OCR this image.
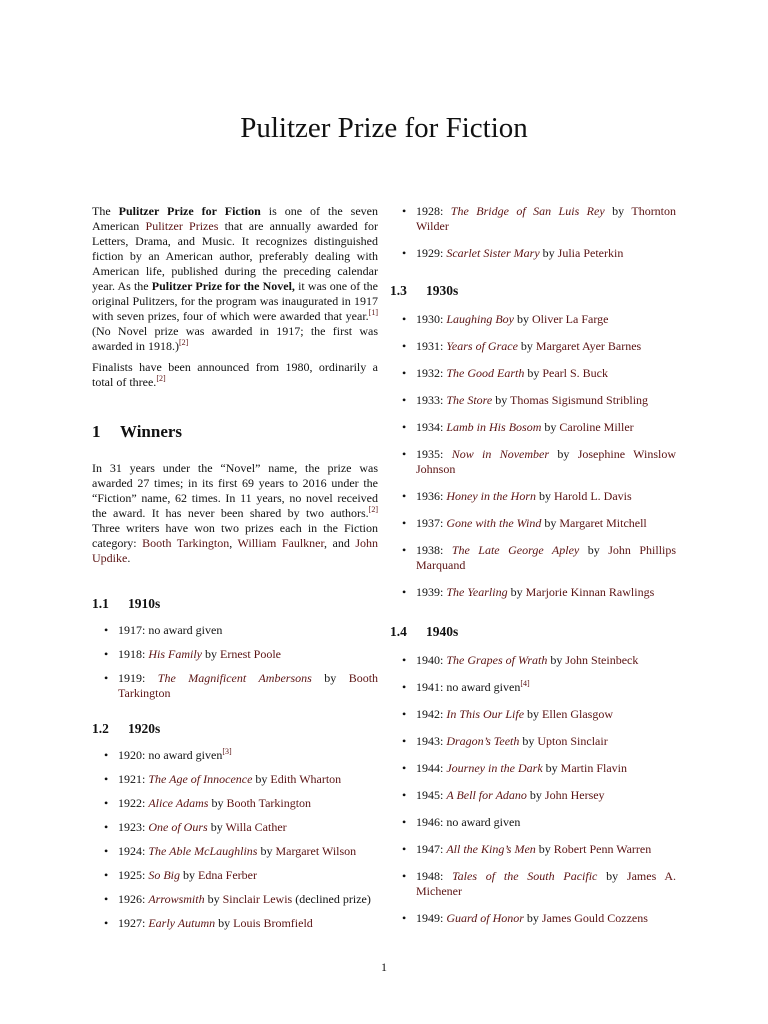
Pulitzer Prize for Fiction

The Pulitzer Prize for Fiction is one of the seven American Pulitzer Prizes that are annually awarded for Letters, Drama, and Music. It recognizes distinguished fiction by an American author, preferably dealing with American life, published during the preceding calendar year. As the Pulitzer Prize for the Novel, it was one of the original Pulitzers, for the program was inaugurated in 1917 with seven prizes, four of which were awarded that year.[1] (No Novel prize was awarded in 1917; the first was awarded in 1918.)[2]

Finalists have been announced from 1980, ordinarily a total of three.[2]

1 Winners

In 31 years under the “Novel” name, the prize was awarded 27 times; in its first 69 years to 2016 under the “Fiction” name, 62 times. In 11 years, no novel received the award. It has never been shared by two authors.[2] Three writers have won two prizes each in the Fiction category: Booth Tarkington, William Faulkner, and John Updike.

1.1 1910s
• 1917: no award given
• 1918: His Family by Ernest Poole
• 1919: The Magnificent Ambersons by Booth Tarkington
1.2 1920s
• 1920: no award given[3]
• 1921: The Age of Innocence by Edith Wharton
• 1922: Alice Adams by Booth Tarkington
• 1923: One of Ours by Willa Cather
• 1924: The Able McLaughlins by Margaret Wilson
• 1925: So Big by Edna Ferber
• 1926: Arrowsmith by Sinclair Lewis (declined prize)
• 1927: Early Autumn by Louis Bromfield
• 1928: The Bridge of San Luis Rey by Thornton Wilder
• 1929: Scarlet Sister Mary by Julia Peterkin
1.3 1930s
• 1930: Laughing Boy by Oliver La Farge
• 1931: Years of Grace by Margaret Ayer Barnes
• 1932: The Good Earth by Pearl S. Buck
• 1933: The Store by Thomas Sigismund Stribling
• 1934: Lamb in His Bosom by Caroline Miller
• 1935: Now in November by Josephine Winslow Johnson
• 1936: Honey in the Horn by Harold L. Davis
• 1937: Gone with the Wind by Margaret Mitchell
• 1938: The Late George Apley by John Phillips Marquand
• 1939: The Yearling by Marjorie Kinnan Rawlings
1.4 1940s
• 1940: The Grapes of Wrath by John Steinbeck
• 1941: no award given[4]
• 1942: In This Our Life by Ellen Glasgow
• 1943: Dragon’s Teeth by Upton Sinclair
• 1944: Journey in the Dark by Martin Flavin
• 1945: A Bell for Adano by John Hersey
• 1946: no award given
• 1947: All the King’s Men by Robert Penn Warren
• 1948: Tales of the South Pacific by James A. Michener
• 1949: Guard of Honor by James Gould Cozzens
1
